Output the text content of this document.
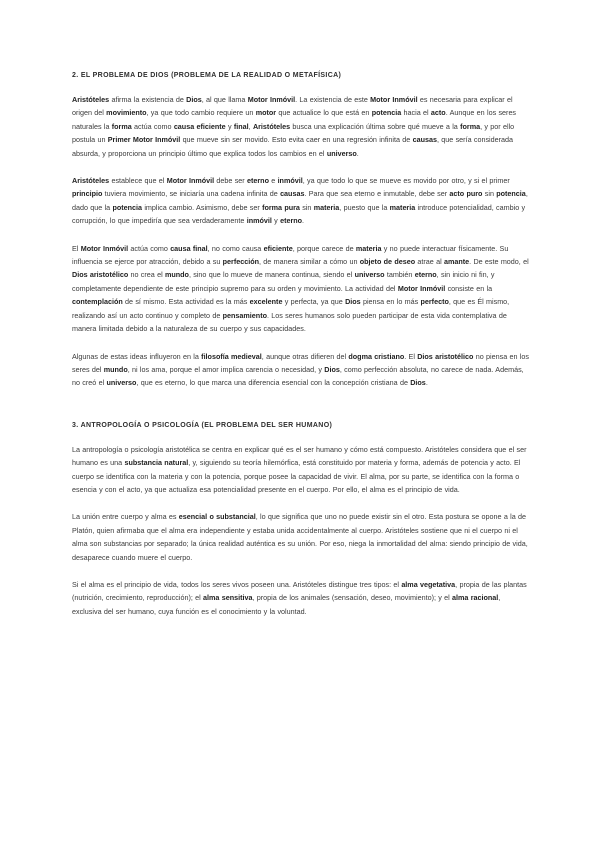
2. EL PROBLEMA DE DIOS (PROBLEMA DE LA REALIDAD O METAFÍSICA)

Aristóteles afirma la existencia de Dios, al que llama Motor Inmóvil. La existencia de este Motor Inmóvil es necesaria para explicar el origen del movimiento, ya que todo cambio requiere un motor que actualice lo que está en potencia hacia el acto. Aunque en los seres naturales la forma actúa como causa eficiente y final, Aristóteles busca una explicación última sobre qué mueve a la forma, y por ello postula un Primer Motor Inmóvil que mueve sin ser movido. Esto evita caer en una regresión infinita de causas, que sería considerada absurda, y proporciona un principio último que explica todos los cambios en el universo.

Aristóteles establece que el Motor Inmóvil debe ser eterno e inmóvil, ya que todo lo que se mueve es movido por otro, y si el primer principio tuviera movimiento, se iniciaría una cadena infinita de causas. Para que sea eterno e inmutable, debe ser acto puro sin potencia, dado que la potencia implica cambio. Asimismo, debe ser forma pura sin materia, puesto que la materia introduce potencialidad, cambio y corrupción, lo que impediría que sea verdaderamente inmóvil y eterno.

El Motor Inmóvil actúa como causa final, no como causa eficiente, porque carece de materia y no puede interactuar físicamente. Su influencia se ejerce por atracción, debido a su perfección, de manera similar a cómo un objeto de deseo atrae al amante. De este modo, el Dios aristotélico no crea el mundo, sino que lo mueve de manera continua, siendo el universo también eterno, sin inicio ni fin, y completamente dependiente de este principio supremo para su orden y movimiento. La actividad del Motor Inmóvil consiste en la contemplación de sí mismo. Esta actividad es la más excelente y perfecta, ya que Dios piensa en lo más perfecto, que es Él mismo, realizando así un acto continuo y completo de pensamiento. Los seres humanos solo pueden participar de esta vida contemplativa de manera limitada debido a la naturaleza de su cuerpo y sus capacidades.

Algunas de estas ideas influyeron en la filosofía medieval, aunque otras difieren del dogma cristiano. El Dios aristotélico no piensa en los seres del mundo, ni los ama, porque el amor implica carencia o necesidad, y Dios, como perfección absoluta, no carece de nada. Además, no creó el universo, que es eterno, lo que marca una diferencia esencial con la concepción cristiana de Dios.

3. ANTROPOLOGÍA O PSICOLOGÍA (EL PROBLEMA DEL SER HUMANO)

La antropología o psicología aristotélica se centra en explicar qué es el ser humano y cómo está compuesto. Aristóteles considera que el ser humano es una substancia natural, y, siguiendo su teoría hilemórfica, está constituido por materia y forma, además de potencia y acto. El cuerpo se identifica con la materia y con la potencia, porque posee la capacidad de vivir. El alma, por su parte, se identifica con la forma o esencia y con el acto, ya que actualiza esa potencialidad presente en el cuerpo. Por ello, el alma es el principio de vida.

La unión entre cuerpo y alma es esencial o substancial, lo que significa que uno no puede existir sin el otro. Esta postura se opone a la de Platón, quien afirmaba que el alma era independiente y estaba unida accidentalmente al cuerpo. Aristóteles sostiene que ni el cuerpo ni el alma son substancias por separado; la única realidad auténtica es su unión. Por eso, niega la inmortalidad del alma: siendo principio de vida, desaparece cuando muere el cuerpo.

Si el alma es el principio de vida, todos los seres vivos poseen una. Aristóteles distingue tres tipos: el alma vegetativa, propia de las plantas (nutrición, crecimiento, reproducción); el alma sensitiva, propia de los animales (sensación, deseo, movimiento); y el alma racional, exclusiva del ser humano, cuya función es el conocimiento y la voluntad.
